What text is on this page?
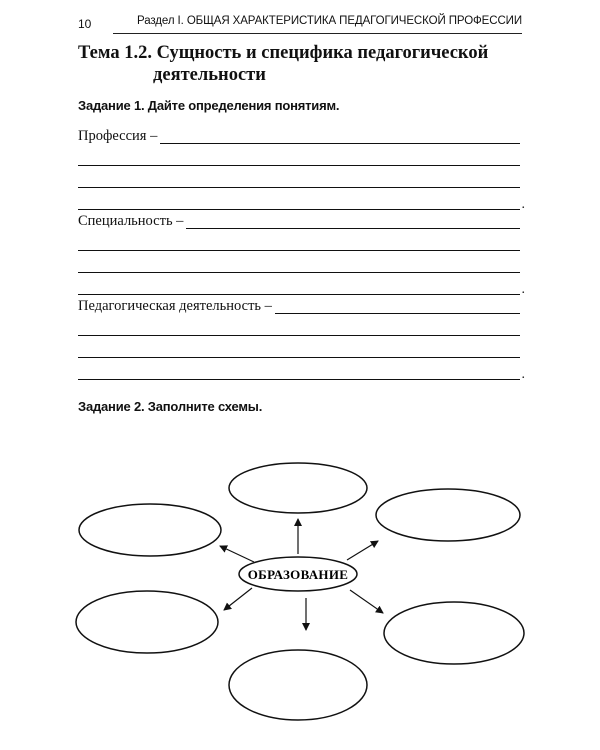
10	Раздел I. ОБЩАЯ ХАРАКТЕРИСТИКА ПЕДАГОГИЧЕСКОЙ ПРОФЕССИИ
Тема 1.2. Сущность и специфика педагогической
деятельности
Задание 1. Дайте определения понятиям.
Профессия –
.
Специальность –
.
Педагогическая деятельность –
.
Задание 2. Заполните схемы.
ОБРАЗОВАНИЕ
